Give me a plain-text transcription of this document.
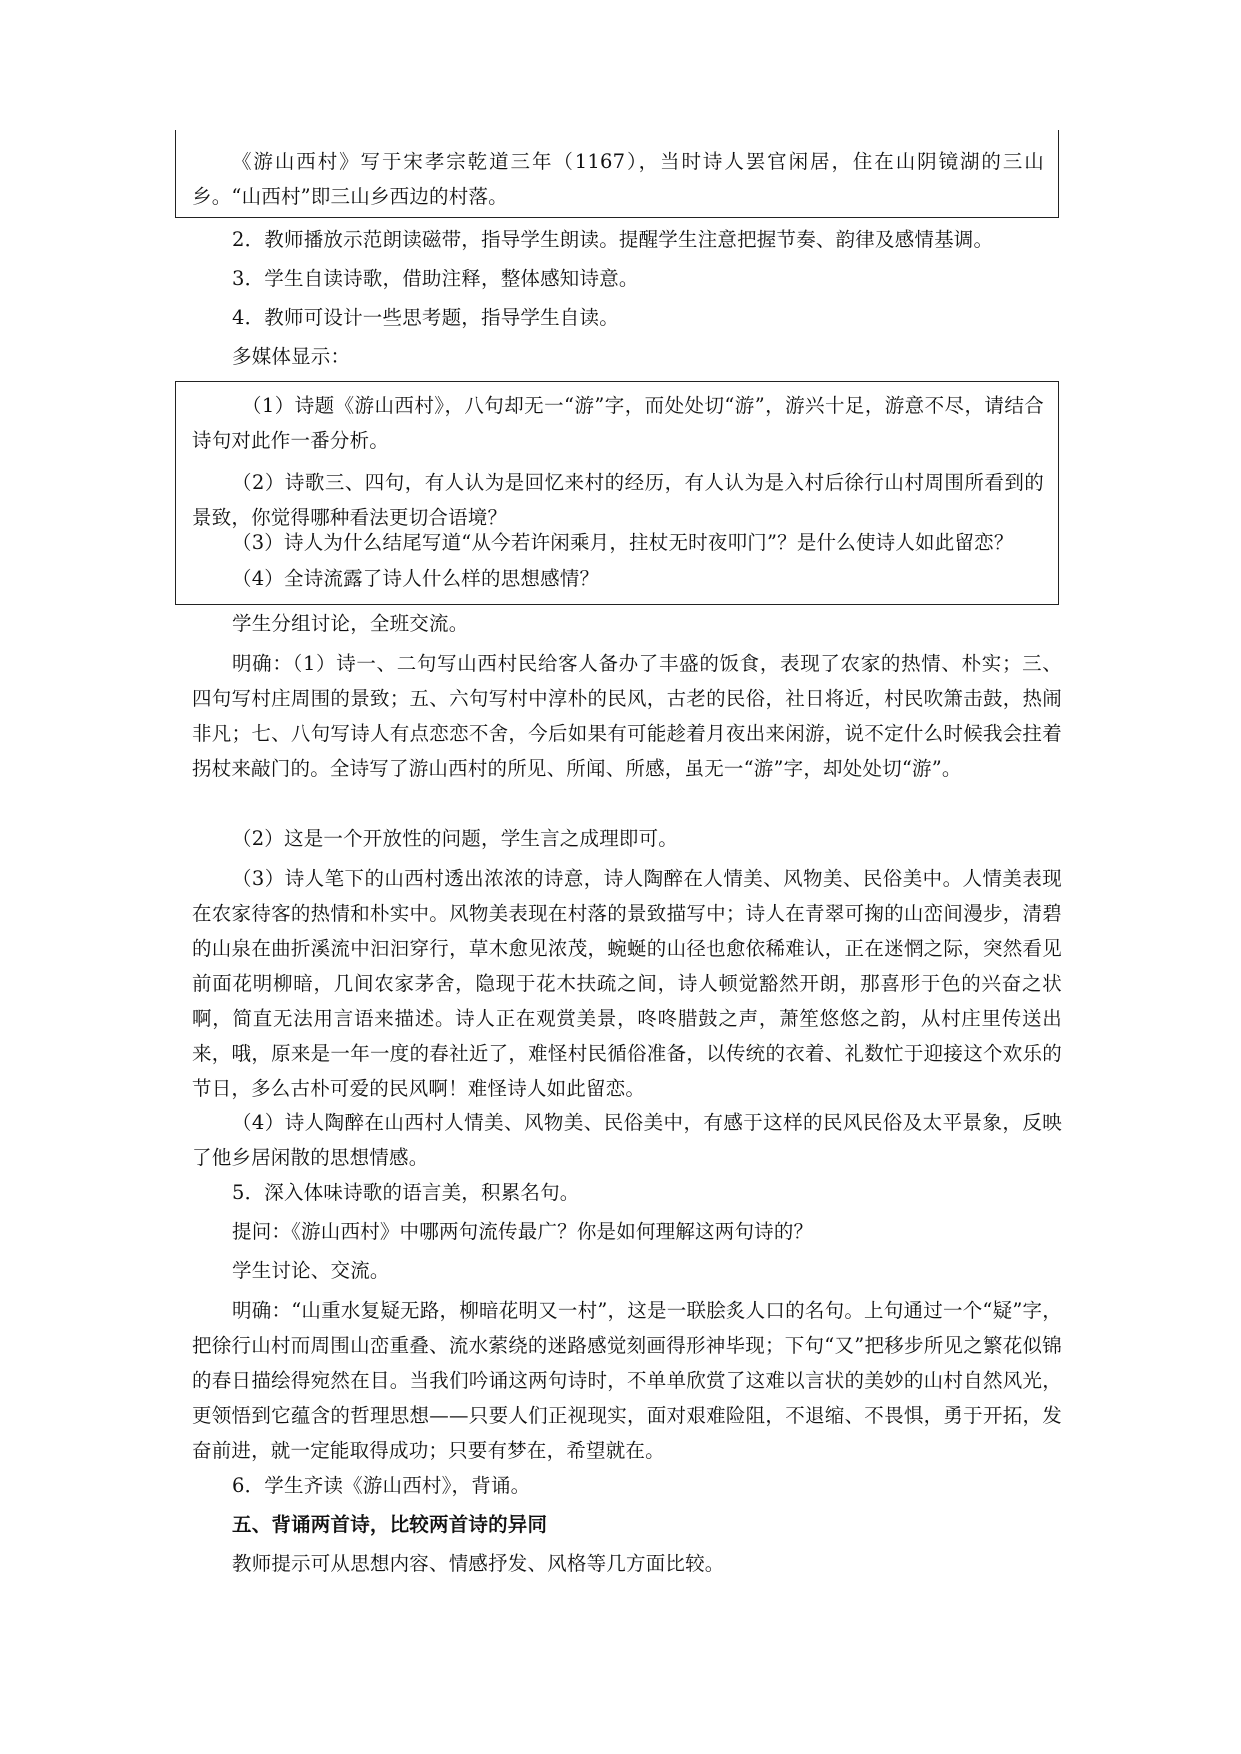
《游山西村》写于宋孝宗乾道三年（1167），当时诗人罢官闲居，住在山阴镜湖的三山乡。“山西村”即三山乡西边的村落。

2．教师播放示范朗读磁带，指导学生朗读。提醒学生注意把握节奏、韵律及感情基调。

3．学生自读诗歌，借助注释，整体感知诗意。

4．教师可设计一些思考题，指导学生自读。

多媒体显示：

（1）诗题《游山西村》，八句却无一“游”字，而处处切“游”，游兴十足，游意不尽，请结合诗句对此作一番分析。

（2）诗歌三、四句，有人认为是回忆来村的经历，有人认为是入村后徐行山村周围所看到的景致，你觉得哪种看法更切合语境？

（3）诗人为什么结尾写道“从今若许闲乘月，拄杖无时夜叩门”？是什么使诗人如此留恋？

（4）全诗流露了诗人什么样的思想感情？

学生分组讨论，全班交流。

明确：（1）诗一、二句写山西村民给客人备办了丰盛的饭食，表现了农家的热情、朴实；三、四句写村庄周围的景致；五、六句写村中淳朴的民风，古老的民俗，社日将近，村民吹箫击鼓，热闹非凡；七、八句写诗人有点恋恋不舍，今后如果有可能趁着月夜出来闲游，说不定什么时候我会拄着拐杖来敲门的。全诗写了游山西村的所见、所闻、所感，虽无一“游”字，却处处切“游”。

（2）这是一个开放性的问题，学生言之成理即可。

（3）诗人笔下的山西村透出浓浓的诗意，诗人陶醉在人情美、风物美、民俗美中。人情美表现在农家待客的热情和朴实中。风物美表现在村落的景致描写中；诗人在青翠可掬的山峦间漫步，清碧的山泉在曲折溪流中汩汩穿行，草木愈见浓茂，蜿蜒的山径也愈依稀难认，正在迷惘之际，突然看见前面花明柳暗，几间农家茅舍，隐现于花木扶疏之间，诗人顿觉豁然开朗，那喜形于色的兴奋之状啊，简直无法用言语来描述。诗人正在观赏美景，咚咚腊鼓之声，萧笙悠悠之韵，从村庄里传送出来，哦，原来是一年一度的春社近了，难怪村民循俗准备，以传统的衣着、礼数忙于迎接这个欢乐的节日，多么古朴可爱的民风啊！难怪诗人如此留恋。

（4）诗人陶醉在山西村人情美、风物美、民俗美中，有感于这样的民风民俗及太平景象，反映了他乡居闲散的思想情感。

5．深入体味诗歌的语言美，积累名句。

提问：《游山西村》中哪两句流传最广？你是如何理解这两句诗的？

学生讨论、交流。

明确：“山重水复疑无路，柳暗花明又一村”，这是一联脍炙人口的名句。上句通过一个“疑”字，把徐行山村而周围山峦重叠、流水萦绕的迷路感觉刻画得形神毕现；下句“又”把移步所见之繁花似锦的春日描绘得宛然在目。当我们吟诵这两句诗时，不单单欣赏了这难以言状的美妙的山村自然风光，更领悟到它蕴含的哲理思想——只要人们正视现实，面对艰难险阻，不退缩、不畏惧，勇于开拓，发奋前进，就一定能取得成功；只要有梦在，希望就在。

6．学生齐读《游山西村》，背诵。

五、背诵两首诗，比较两首诗的异同

教师提示可从思想内容、情感抒发、风格等几方面比较。
